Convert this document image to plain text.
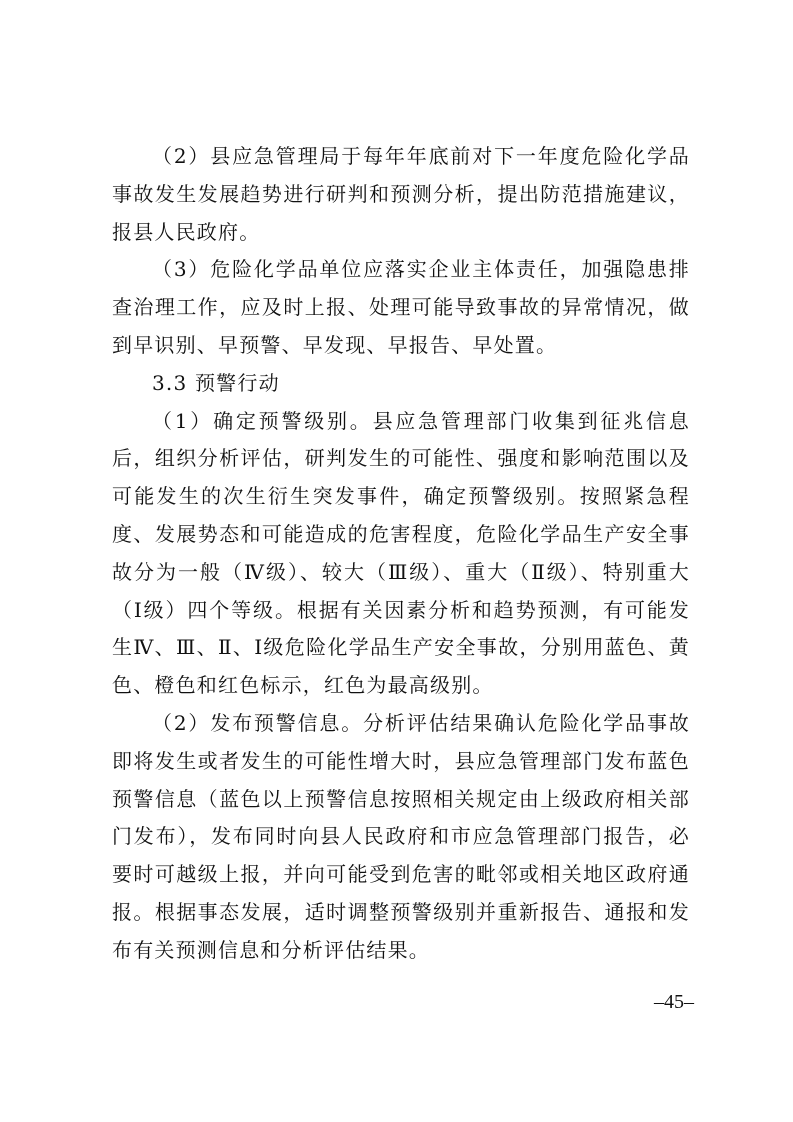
（2）县应急管理局于每年年底前对下一年度危险化学品事故发生发展趋势进行研判和预测分析，提出防范措施建议，报县人民政府。

（3）危险化学品单位应落实企业主体责任，加强隐患排查治理工作，应及时上报、处理可能导致事故的异常情况，做到早识别、早预警、早发现、早报告、早处置。

3.3 预警行动

（1）确定预警级别。县应急管理部门收集到征兆信息后，组织分析评估，研判发生的可能性、强度和影响范围以及可能发生的次生衍生突发事件，确定预警级别。按照紧急程度、发展势态和可能造成的危害程度，危险化学品生产安全事故分为一般（Ⅳ级）、较大（Ⅲ级）、重大（Ⅱ级）、特别重大（Ⅰ级）四个等级。根据有关因素分析和趋势预测，有可能发生Ⅳ、Ⅲ、Ⅱ、Ⅰ级危险化学品生产安全事故，分别用蓝色、黄色、橙色和红色标示，红色为最高级别。

（2）发布预警信息。分析评估结果确认危险化学品事故即将发生或者发生的可能性增大时，县应急管理部门发布蓝色预警信息（蓝色以上预警信息按照相关规定由上级政府相关部门发布），发布同时向县人民政府和市应急管理部门报告，必要时可越级上报，并向可能受到危害的毗邻或相关地区政府通报。根据事态发展，适时调整预警级别并重新报告、通报和发布有关预测信息和分析评估结果。

–45–
